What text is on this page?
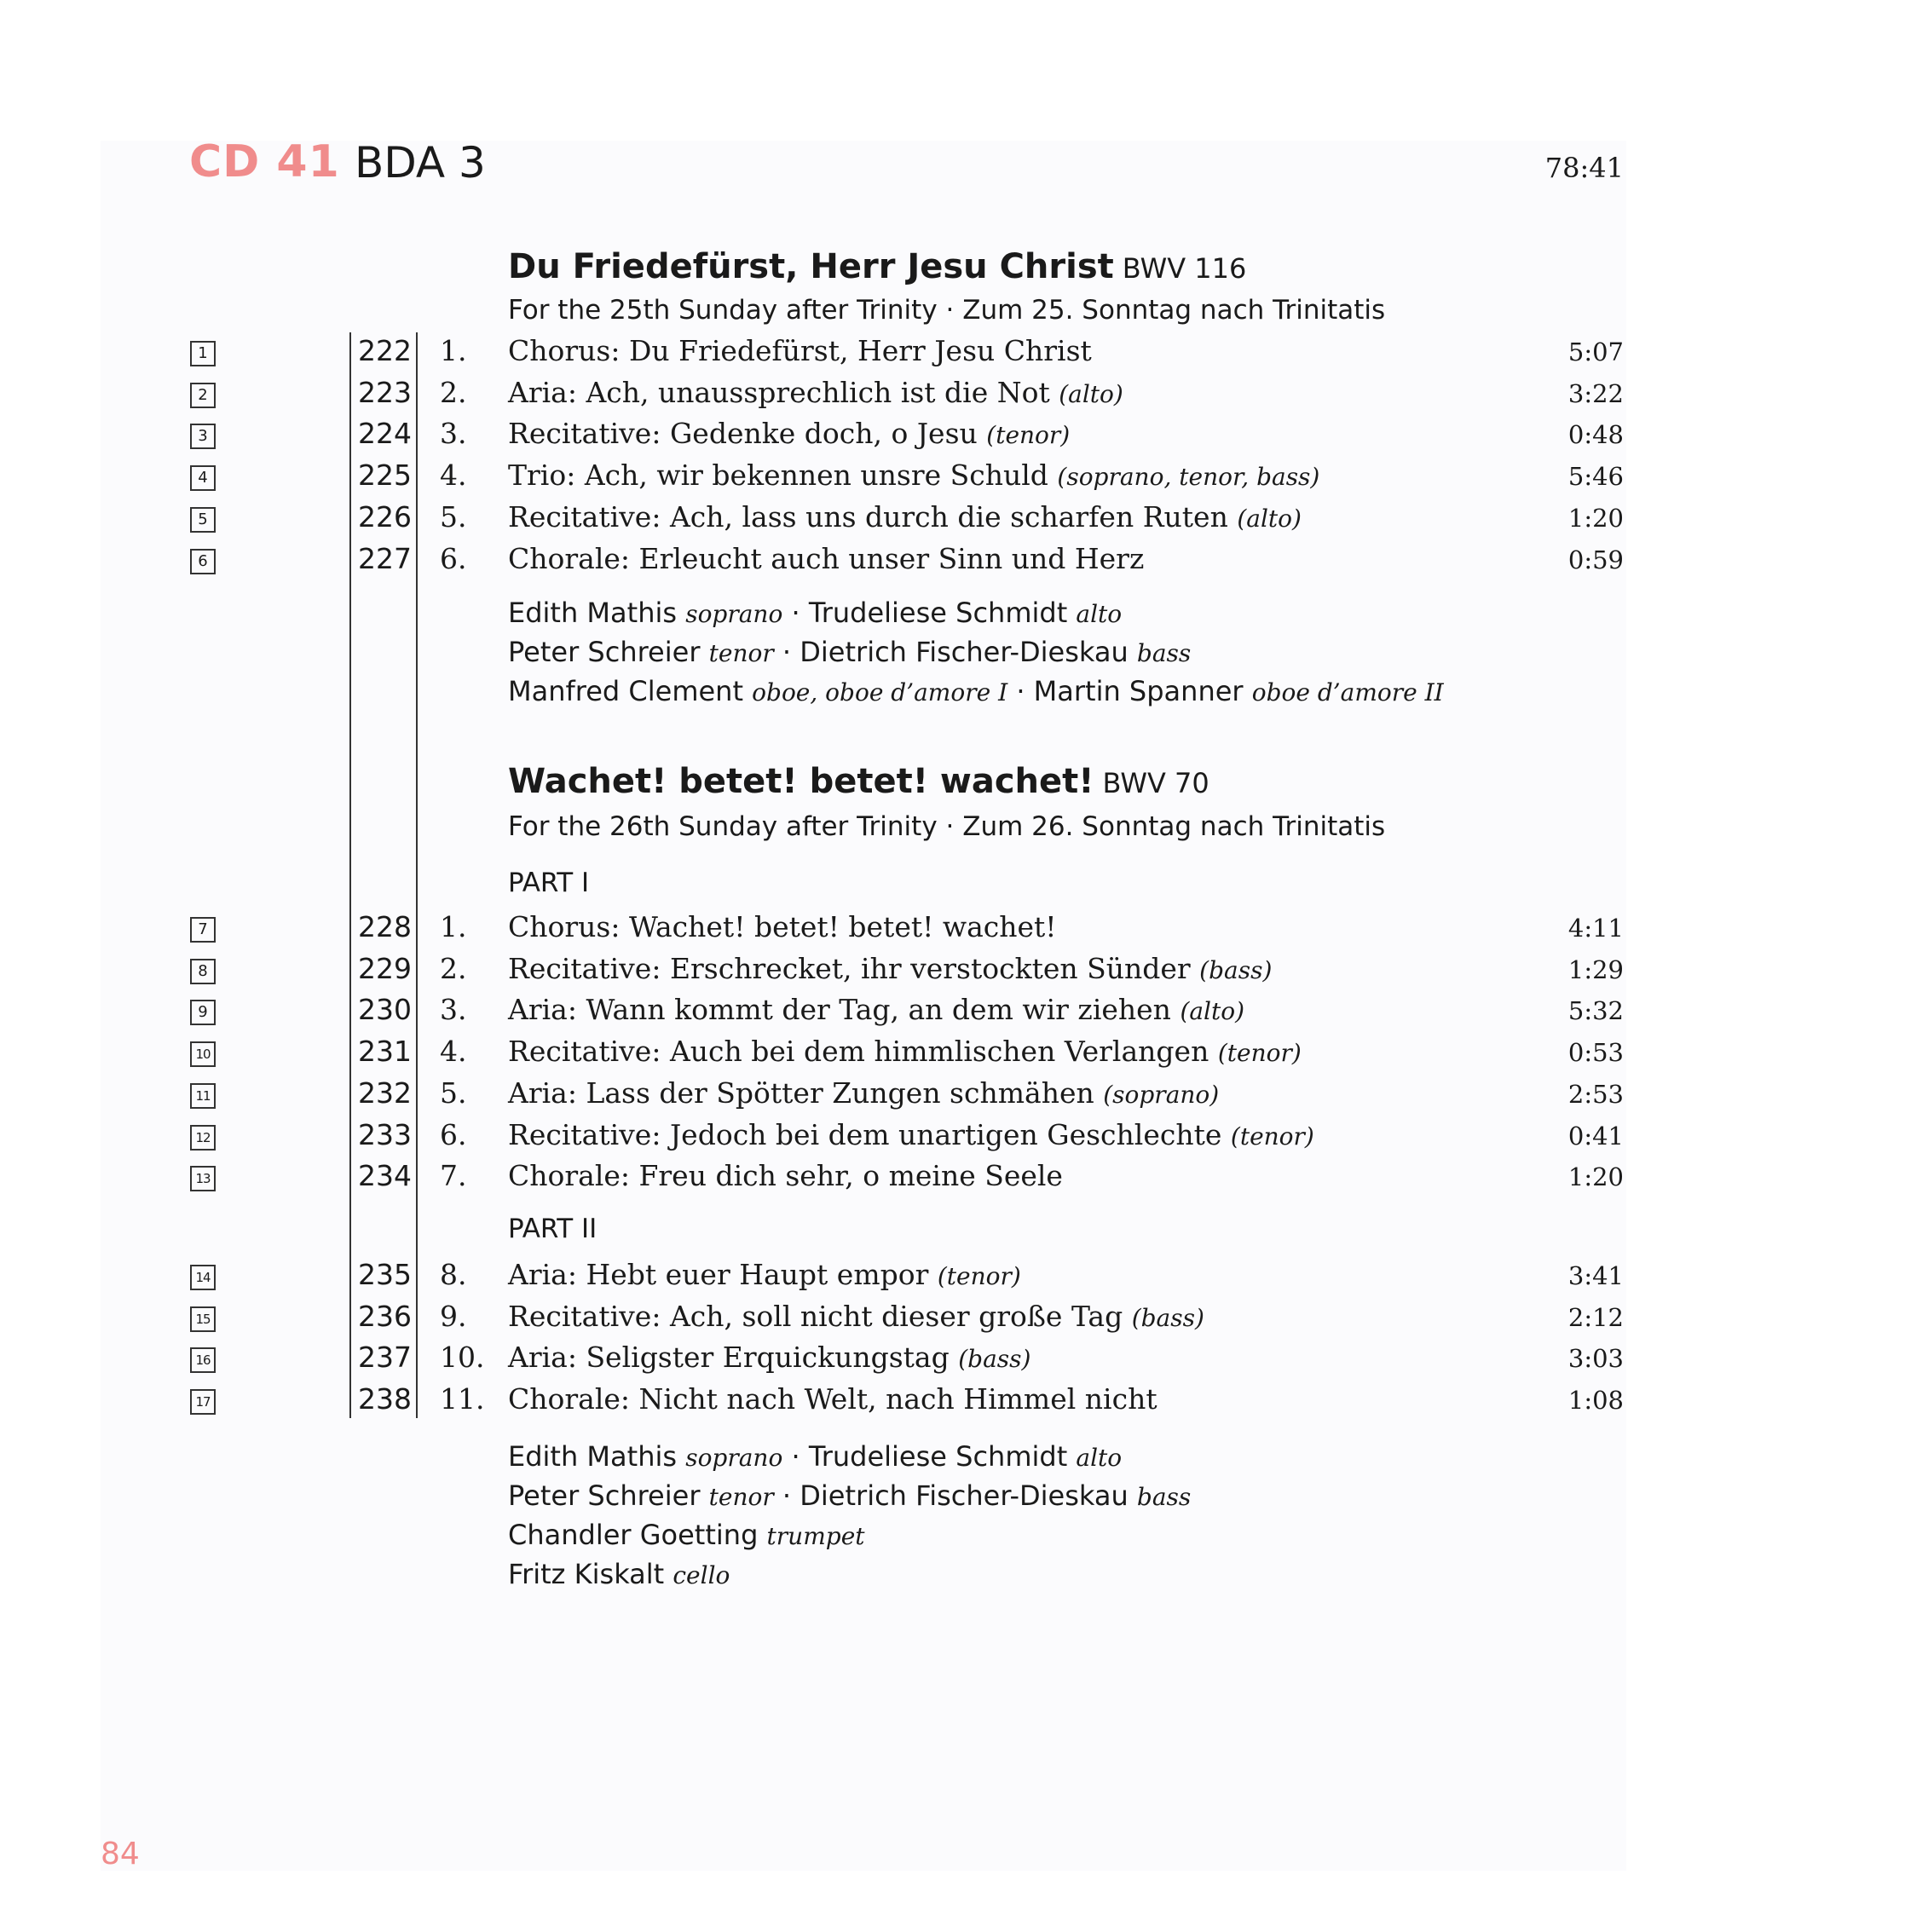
CD 41 BDA 3	78:41
Du Friedefürst, Herr Jesu Christ BWV 116
For the 25th Sunday after Trinity · Zum 25. Sonntag nach Trinitatis
1	222 1. Chorus: Du Friedefürst, Herr Jesu Christ	5:07
2	223 2. Aria: Ach, unaussprechlich ist die Not (alto)	3:22
3	224 3. Recitative: Gedenke doch, o Jesu (tenor)	0:48
4	225 4. Trio: Ach, wir bekennen unsre Schuld (soprano, tenor, bass)	5:46
5	226 5. Recitative: Ach, lass uns durch die scharfen Ruten (alto)	1:20
6	227 6. Chorale: Erleucht auch unser Sinn und Herz	0:59
Edith Mathis soprano · Trudeliese Schmidt alto
Peter Schreier tenor · Dietrich Fischer-Dieskau bass
Manfred Clement oboe, oboe d’amore I · Martin Spanner oboe d’amore II
Wachet! betet! betet! wachet! BWV 70
For the 26th Sunday after Trinity · Zum 26. Sonntag nach Trinitatis
PART I
7	228 1. Chorus: Wachet! betet! betet! wachet!	4:11
8	229 2. Recitative: Erschrecket, ihr verstockten Sünder (bass)	1:29
9	230 3. Aria: Wann kommt der Tag, an dem wir ziehen (alto)	5:32
10	231 4. Recitative: Auch bei dem himmlischen Verlangen (tenor)	0:53
11	232 5. Aria: Lass der Spötter Zungen schmähen (soprano)	2:53
12	233 6. Recitative: Jedoch bei dem unartigen Geschlechte (tenor)	0:41
13	234 7. Chorale: Freu dich sehr, o meine Seele	1:20
PART II
14	235 8. Aria: Hebt euer Haupt empor (tenor)	3:41
15	236 9. Recitative: Ach, soll nicht dieser große Tag (bass)	2:12
16	237 10. Aria: Seligster Erquickungstag (bass)	3:03
17	238 11. Chorale: Nicht nach Welt, nach Himmel nicht	1:08
Edith Mathis soprano · Trudeliese Schmidt alto
Peter Schreier tenor · Dietrich Fischer-Dieskau bass
Chandler Goetting trumpet
Fritz Kiskalt cello
84
